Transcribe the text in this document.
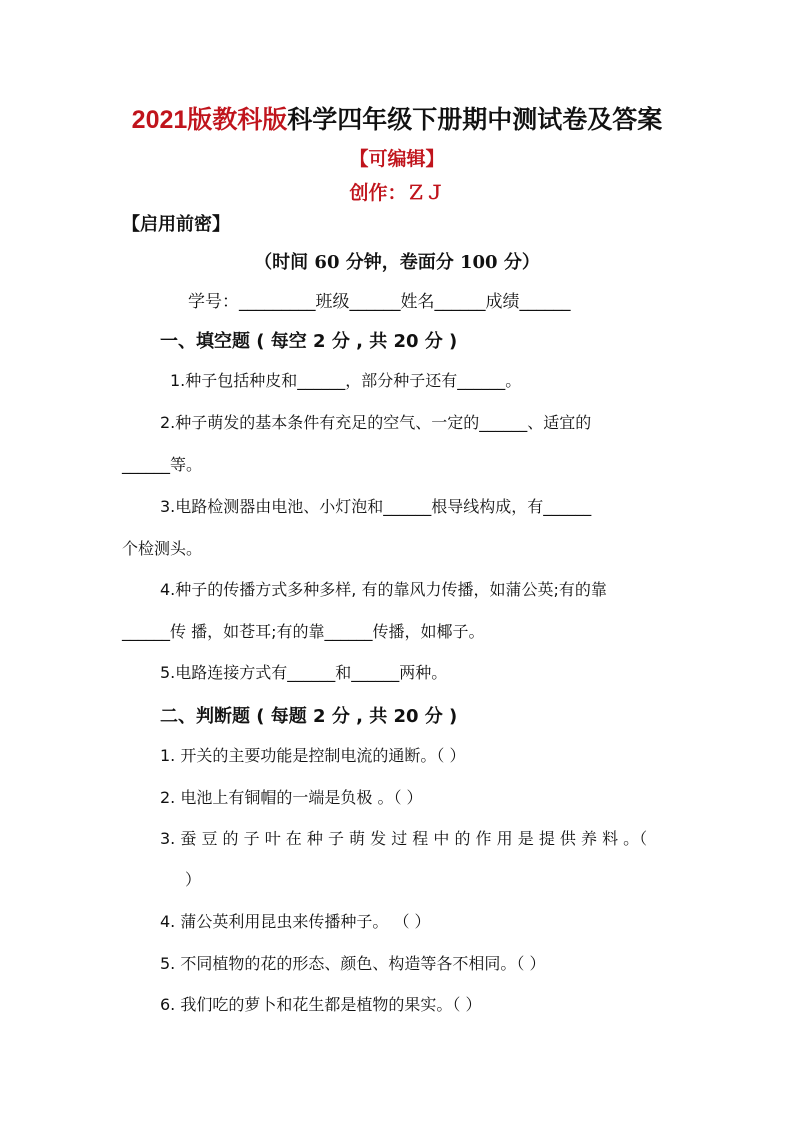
2021版教科版科学四年级下册期中测试卷及答案
【可编辑】
创作：ＺＪ
【启用前密】
（时间 60 分钟，卷面分 100 分）
学号：_________班级______姓名______成绩______
一、填空题 ( 每空 2 分 , 共 20 分 )
1.种子包括种皮和______，部分种子还有______。
2.种子萌发的基本条件有充足的空气、一定的______、适宜的
______等。
3.电路检测器由电池、小灯泡和______根导线构成，有______
个检测头。
4.种子的传播方式多种多样, 有的靠风力传播，如蒲公英;有的靠
______传 播，如苍耳;有的靠______传播，如椰子。
5.电路连接方式有______和______两种。
二、判断题 ( 每题 2 分 , 共 20 分 )
1. 开关的主要功能是控制电流的通断。（ ）
2. 电池上有铜帽的一端是负极 。（ ）
3. 蚕 豆 的 子 叶 在 种 子 萌 发 过 程 中 的 作 用 是 提 供 养 料 。（
）
4. 蒲公英利用昆虫来传播种子。 （ ）
5. 不同植物的花的形态、颜色、构造等各不相同。（ ）
6. 我们吃的萝卜和花生都是植物的果实。（ ）
